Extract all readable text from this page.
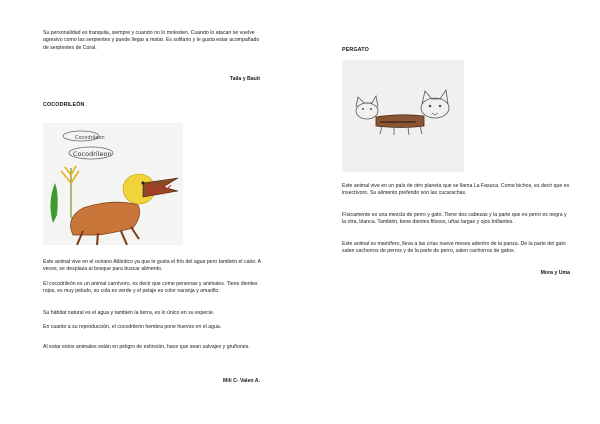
Su personalidad es tranquila, siempre y cuando no lo molesten. Cuando lo atacan se vuelve agresivo como las serpientes y puede llegar a matar. Es solitario y le gusta estar acompañado de serpientes de Coral.

Taila y Bauti

COCODRILEÓN

Cocodrileon
Cocodrileon

Este animal vive en el océano Atlántico ya que le gusta el frío del agua pero también el calor. A veces, se desplaza al bosque para buscar alimento.

El cocodrileón es un animal carnívoro, es decir que come personas y animales. Tiene dientes rojos, es muy peludo, su cola es verde y el pelaje es color naranja y amarillo.

Su hábitat natural es el agua y también la tierra, es lo único en su especie.

En cuanto a su reproducción, el cocodrileón hembra pone huevos en el agua.

Al estar estos animales están en peligro de extinción, hace que sean salvajes y gruñones.

Mili C- Valen A.

PERGATO

Este animal vive en un país de otro planeta que se llama La Fasuca. Come bichos, es decir que es insectívoro. Su alimento preferido son las cucarachas.

Físicamente es una mezcla de perro y gato. Tiene dos cabezas y la parte que es perro es negra y la otra, blanca. También, tiene dientes filosos, uñas largas y ojos brillantes.

Este animal es mamífero, lleva a las crías nueve meses adentro de la panza. De la parte del gato salen cachorros de perros y de la parte de perro, salen cachorros de gatos.

Mora y Uma
